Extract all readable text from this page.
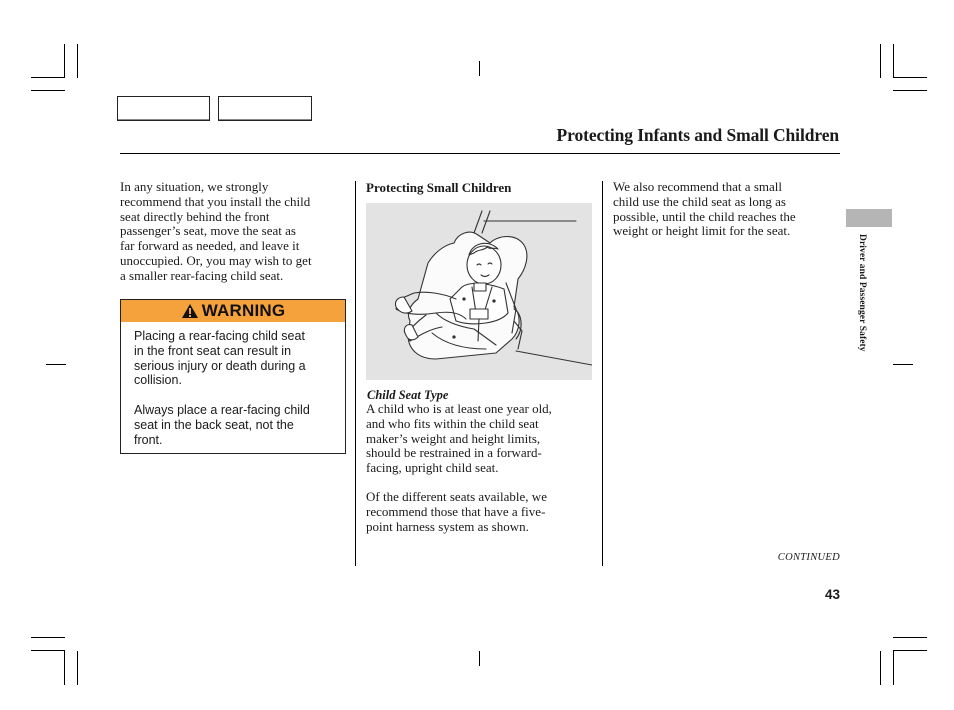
Protecting Infants and Small Children
In any situation, we strongly
recommend that you install the child
seat directly behind the front
passenger’s seat, move the seat as
far forward as needed, and leave it
unoccupied. Or, you may wish to get
a smaller rear-facing child seat.
WARNING
Placing a rear-facing child seat
in the front seat can result in
serious injury or death during a
collision.
Always place a rear-facing child
seat in the back seat, not the
front.
Protecting Small Children
Child Seat Type
A child who is at least one year old,
and who fits within the child seat
maker’s weight and height limits,
should be restrained in a forward-
facing, upright child seat.
Of the different seats available, we
recommend those that have a five-
point harness system as shown.
We also recommend that a small
child use the child seat as long as
possible, until the child reaches the
weight or height limit for the seat.
Driver and Passenger Safety
CONTINUED
43
